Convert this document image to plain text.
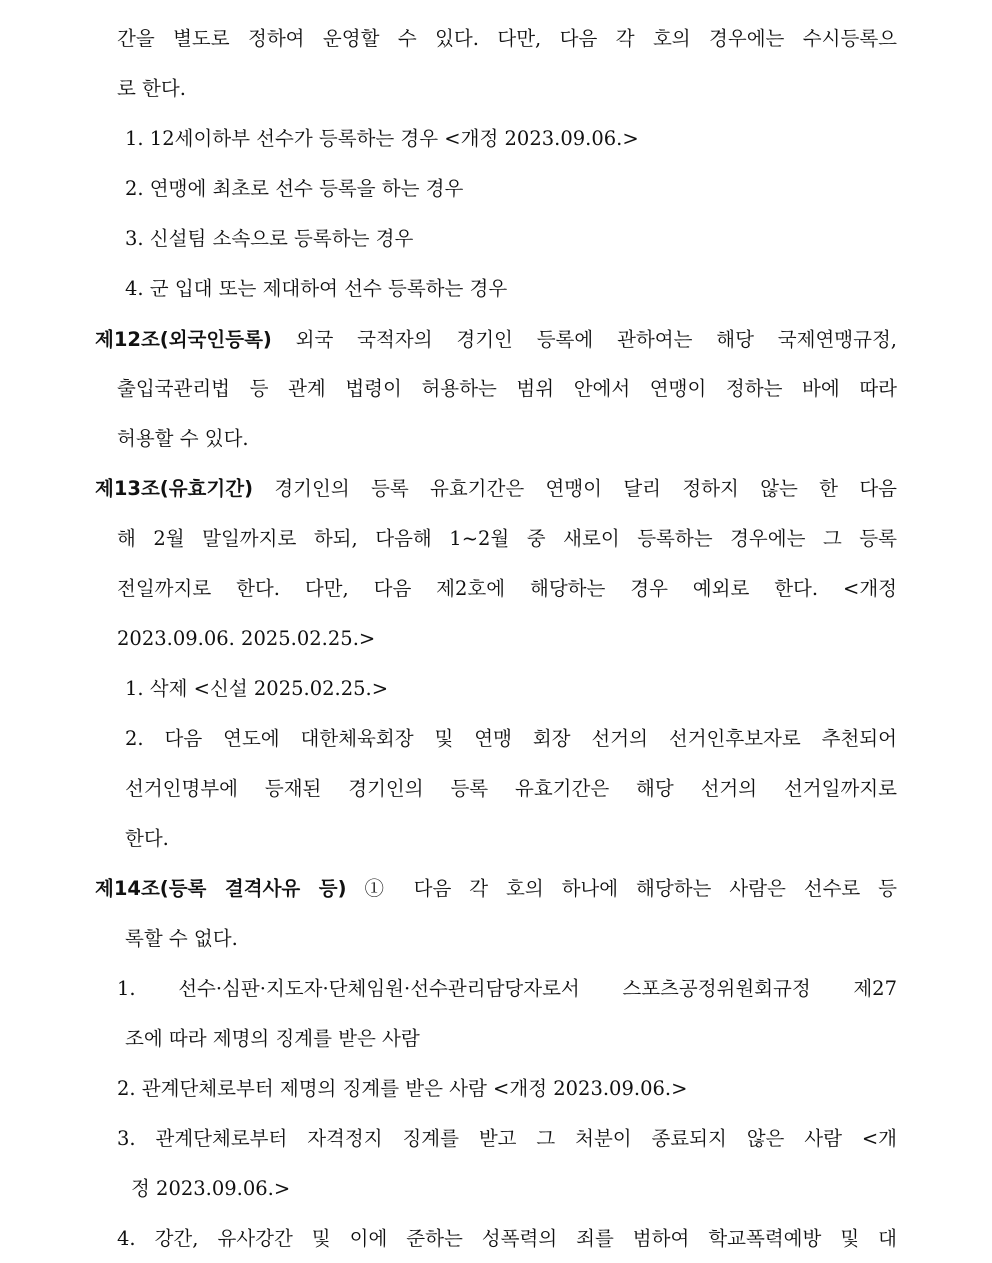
간을 별도로 정하여 운영할 수 있다. 다만, 다음 각 호의 경우에는 수시등록으
로 한다.
1. 12세이하부 선수가 등록하는 경우 <개정 2023.09.06.>
2. 연맹에 최초로 선수 등록을 하는 경우
3. 신설팀 소속으로 등록하는 경우
4. 군 입대 또는 제대하여 선수 등록하는 경우
제12조(외국인등록) 외국 국적자의 경기인 등록에 관하여는 해당 국제연맹규정,
출입국관리법 등 관계 법령이 허용하는 범위 안에서 연맹이 정하는 바에 따라
허용할 수 있다.
제13조(유효기간) 경기인의 등록 유효기간은 연맹이 달리 정하지 않는 한 다음
해 2월 말일까지로 하되, 다음해 1~2월 중 새로이 등록하는 경우에는 그 등록
전일까지로 한다. 다만, 다음 제2호에 해당하는 경우 예외로 한다. <개정
2023.09.06. 2025.02.25.>
1. 삭제 <신설 2025.02.25.>
2. 다음 연도에 대한체육회장 및 연맹 회장 선거의 선거인후보자로 추천되어
선거인명부에 등재된 경기인의 등록 유효기간은 해당 선거의 선거일까지로
한다.
제14조(등록 결격사유 등) ① 다음 각 호의 하나에 해당하는 사람은 선수로 등
록할 수 없다.
1. 선수·심판·지도자·단체임원·선수관리담당자로서 스포츠공정위원회규정 제27
조에 따라 제명의 징계를 받은 사람
2. 관계단체로부터 제명의 징계를 받은 사람 <개정 2023.09.06.>
3. 관계단체로부터 자격정지 징계를 받고 그 처분이 종료되지 않은 사람 <개
정 2023.09.06.>
4. 강간, 유사강간 및 이에 준하는 성폭력의 죄를 범하여 학교폭력예방 및 대
